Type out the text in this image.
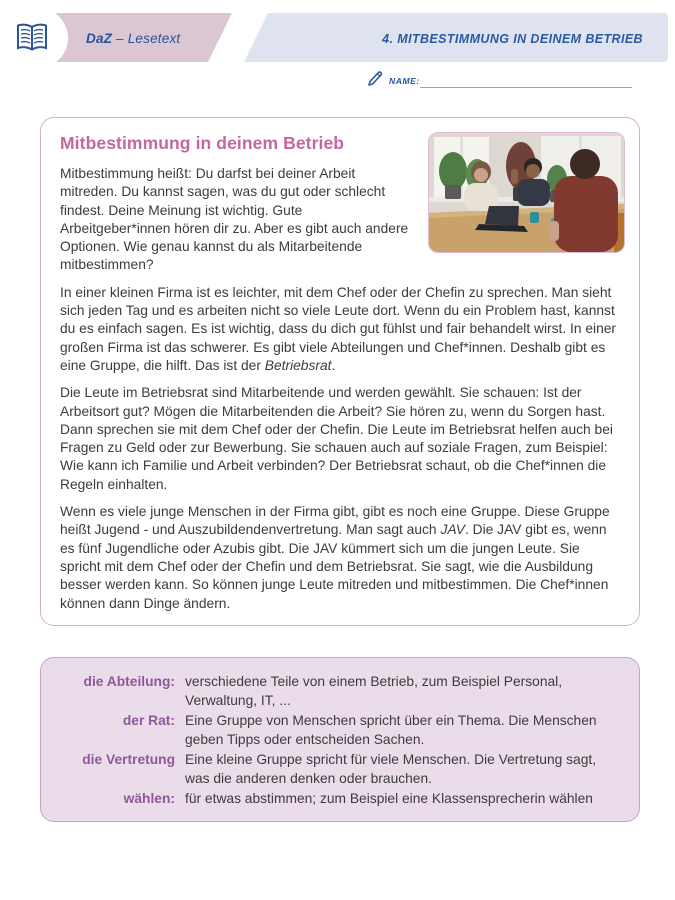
DaZ – Lesetext	4. MITBESTIMMUNG IN DEINEM BETRIEB
NAME:
Mitbestimmung in deinem Betrieb

Mitbestimmung heißt: Du darfst bei deiner Arbeit mitreden. Du kannst sagen, was du gut oder schlecht findest. Deine Meinung ist wichtig. Gute Arbeitgeber*innen hören dir zu. Aber es gibt auch andere Optionen. Wie genau kannst du als Mitarbeitende mitbestimmen?

In einer kleinen Firma ist es leichter, mit dem Chef oder der Chefin zu sprechen. Man sieht sich jeden Tag und es arbeiten nicht so viele Leute dort. Wenn du ein Problem hast, kannst du es einfach sagen. Es ist wichtig, dass du dich gut fühlst und fair behandelt wirst. In einer großen Firma ist das schwerer. Es gibt viele Abteilungen und Chef*innen. Deshalb gibt es eine Gruppe, die hilft. Das ist der Betriebsrat.

Die Leute im Betriebsrat sind Mitarbeitende und werden gewählt. Sie schauen: Ist der Arbeitsort gut? Mögen die Mitarbeitenden die Arbeit? Sie hören zu, wenn du Sorgen hast. Dann sprechen sie mit dem Chef oder der Chefin. Die Leute im Betriebsrat helfen auch bei Fragen zu Geld oder zur Bewerbung. Sie schauen auch auf soziale Fragen, zum Beispiel: Wie kann ich Familie und Arbeit verbinden? Der Betriebsrat schaut, ob die Chef*innen die Regeln einhalten.

Wenn es viele junge Menschen in der Firma gibt, gibt es noch eine Gruppe. Diese Gruppe heißt Jugend - und Auszubildendenvertretung. Man sagt auch JAV. Die JAV gibt es, wenn es fünf Jugendliche oder Azubis gibt. Die JAV kümmert sich um die jungen Leute. Sie spricht mit dem Chef oder der Chefin und dem Betriebsrat. Sie sagt, wie die Ausbildung besser werden kann. So können junge Leute mitreden und mitbestimmen. Die Chef*innen können dann Dinge ändern.

die Abteilung: verschiedene Teile von einem Betrieb, zum Beispiel Personal, Verwaltung, IT, ...
der Rat: Eine Gruppe von Menschen spricht über ein Thema. Die Menschen geben Tipps oder entscheiden Sachen.
die Vertretung Eine kleine Gruppe spricht für viele Menschen. Die Vertretung sagt, was die anderen denken oder brauchen.
wählen: für etwas abstimmen; zum Beispiel eine Klassensprecherin wählen
